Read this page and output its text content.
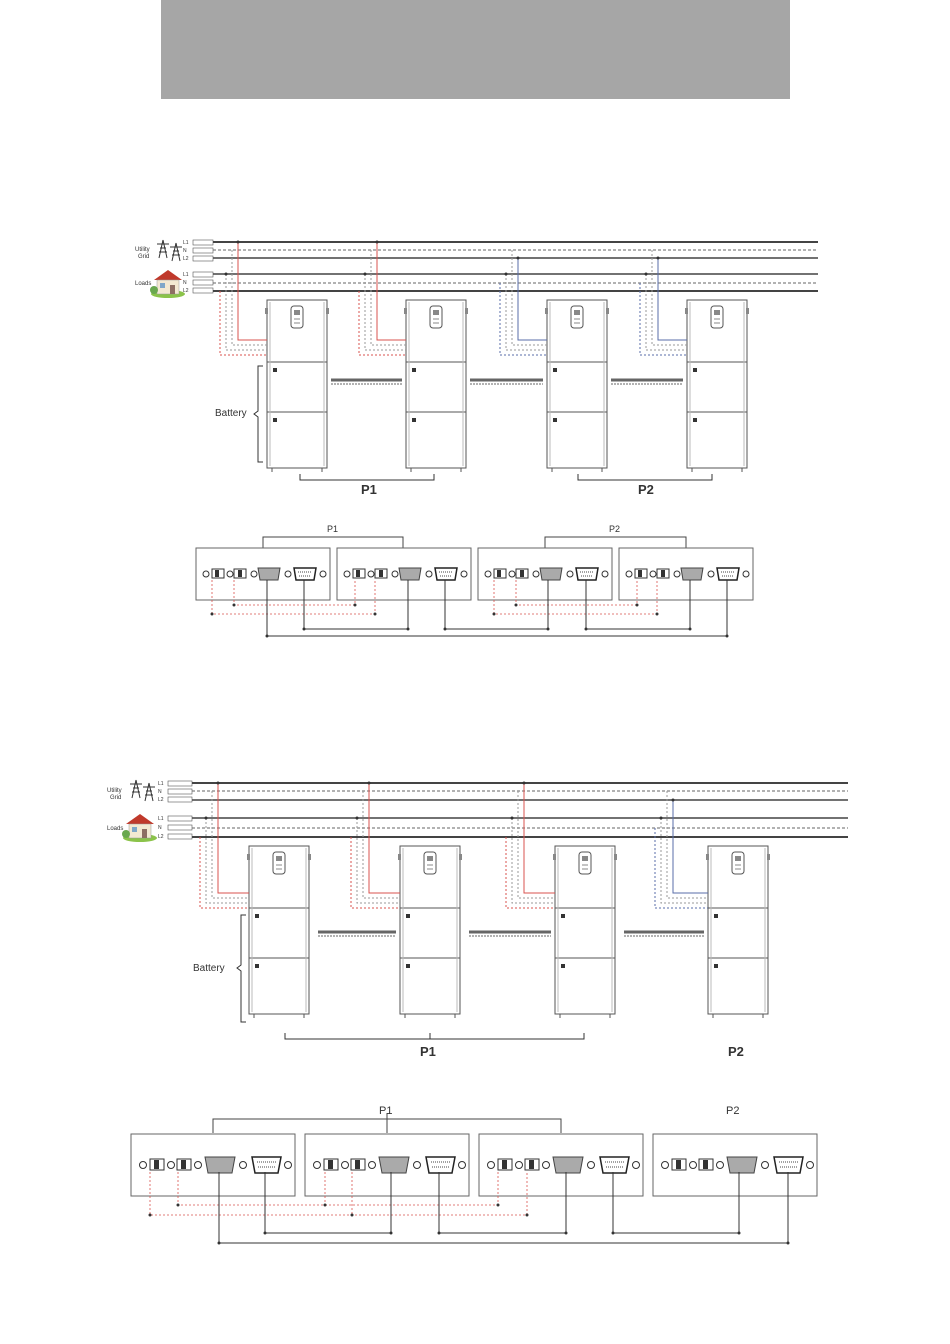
Utility
Grid
L1
N
L2
Loads
L1
N
L2
Battery
P1	P2
P1	P2
Utility
Grid
L1
N
L2
Loads
L1
N
L2
Battery
P1	P2
P1	P2
